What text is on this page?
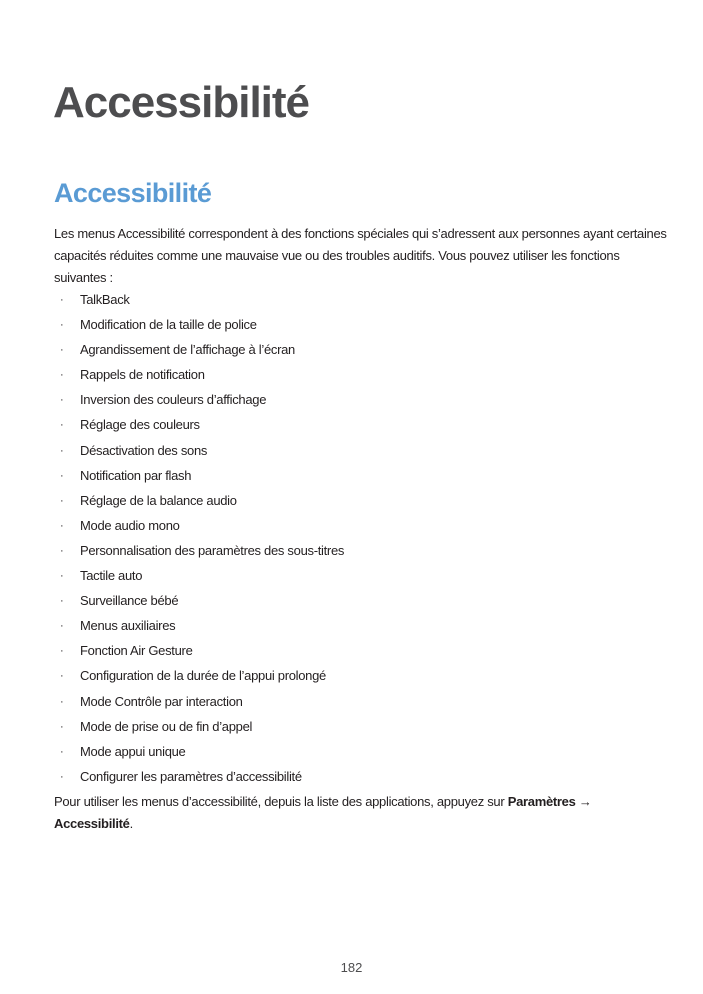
Accessibilité
Accessibilité

Les menus Accessibilité correspondent à des fonctions spéciales qui s’adressent aux personnes ayant certaines capacités réduites comme une mauvaise vue ou des troubles auditifs. Vous pouvez utiliser les fonctions suivantes :

·	TalkBack
·	Modification de la taille de police
·	Agrandissement de l’affichage à l’écran
·	Rappels de notification
·	Inversion des couleurs d’affichage
·	Réglage des couleurs
·	Désactivation des sons
·	Notification par flash
·	Réglage de la balance audio
·	Mode audio mono
·	Personnalisation des paramètres des sous-titres
·	Tactile auto
·	Surveillance bébé
·	Menus auxiliaires
·	Fonction Air Gesture
·	Configuration de la durée de l’appui prolongé
·	Mode Contrôle par interaction
·	Mode de prise ou de fin d’appel
·	Mode appui unique
·	Configurer les paramètres d’accessibilité

Pour utiliser les menus d’accessibilité, depuis la liste des applications, appuyez sur Paramètres →
Accessibilité.

182
